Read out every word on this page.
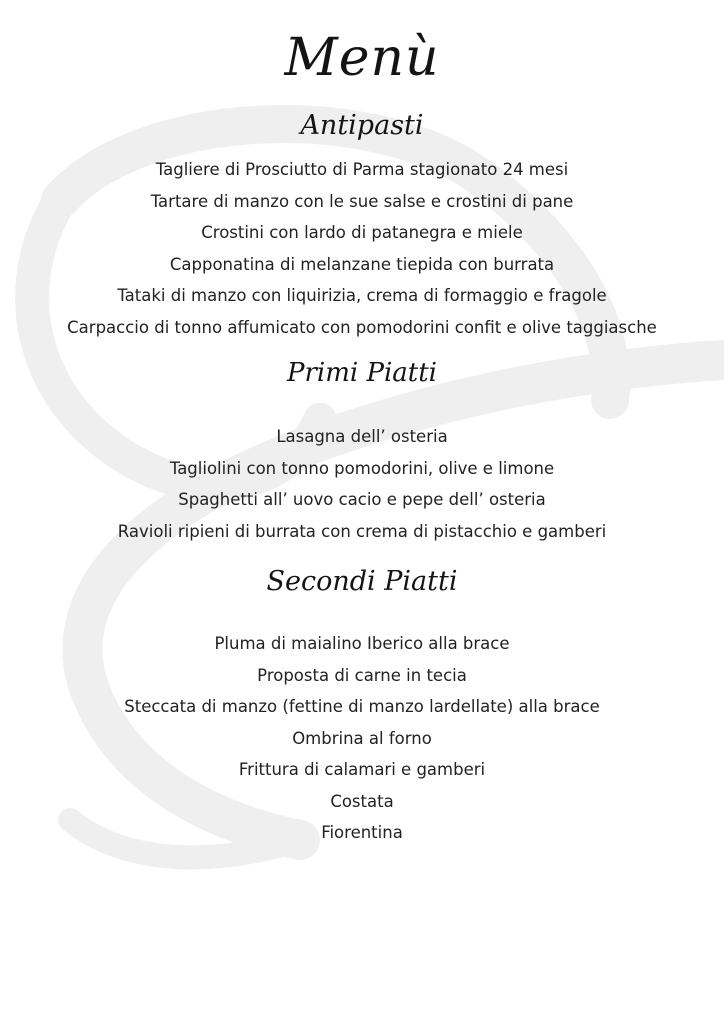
Menù
Antipasti
Tagliere di Prosciutto di Parma stagionato 24 mesi
Tartare di manzo con le sue salse e crostini di pane
Crostini con lardo di patanegra e miele
Capponatina di melanzane tiepida con burrata
Tataki di manzo con liquirizia, crema di formaggio e fragole
Carpaccio di tonno affumicato con pomodorini confit e olive taggiasche
Primi Piatti
Lasagna dell’ osteria
Tagliolini con tonno pomodorini, olive e limone
Spaghetti all’ uovo cacio e pepe dell’ osteria
Ravioli ripieni di burrata con crema di pistacchio e gamberi
Secondi Piatti
Pluma di maialino Iberico alla brace
Proposta di carne in tecia
Steccata di manzo (fettine di manzo lardellate) alla brace
Ombrina al forno
Frittura di calamari e gamberi
Costata
Fiorentina
